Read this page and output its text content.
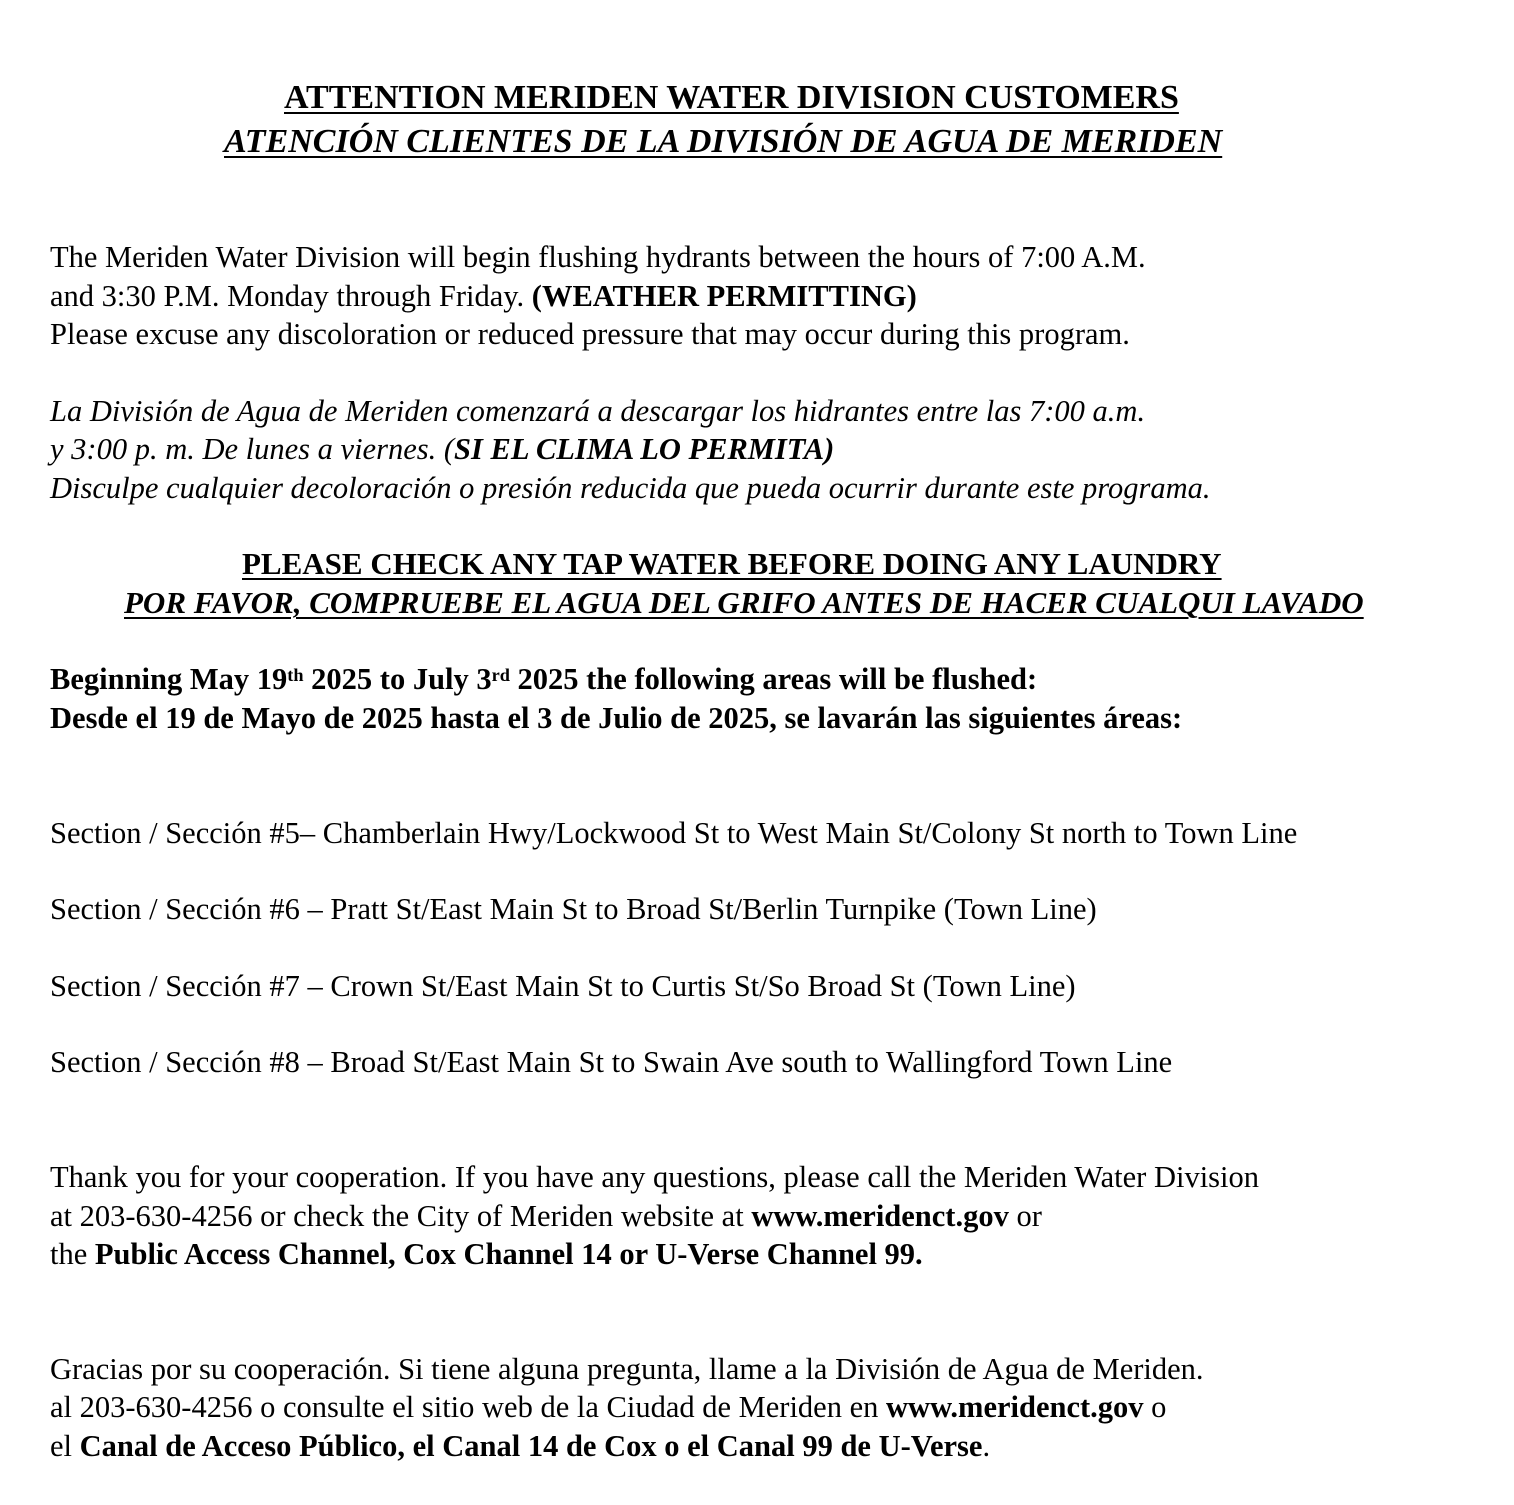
ATTENTION MERIDEN WATER DIVISION CUSTOMERS
ATENCIÓN CLIENTES DE LA DIVISIÓN DE AGUA DE MERIDEN
The Meriden Water Division will begin flushing hydrants between the hours of 7:00 A.M.
and 3:30 P.M. Monday through Friday. (WEATHER PERMITTING)
Please excuse any discoloration or reduced pressure that may occur during this program.
La División de Agua de Meriden comenzará a descargar los hidrantes entre las 7:00 a.m.
y 3:00 p. m. De lunes a viernes. (SI EL CLIMA LO PERMITA)
Disculpe cualquier decoloración o presión reducida que pueda ocurrir durante este programa.
PLEASE CHECK ANY TAP WATER BEFORE DOING ANY LAUNDRY
POR FAVOR, COMPRUEBE EL AGUA DEL GRIFO ANTES DE HACER CUALQUI LAVADO
Beginning May 19th 2025 to July 3rd 2025 the following areas will be flushed:
Desde el 19 de Mayo de 2025 hasta el 3 de Julio de 2025, se lavarán las siguientes áreas:
Section / Sección #5– Chamberlain Hwy/Lockwood St to West Main St/Colony St north to Town Line
Section / Sección #6 – Pratt St/East Main St to Broad St/Berlin Turnpike (Town Line)
Section / Sección #7 – Crown St/East Main St to Curtis St/So Broad St (Town Line)
Section / Sección #8 – Broad St/East Main St to Swain Ave south to Wallingford Town Line
Thank you for your cooperation. If you have any questions, please call the Meriden Water Division
at 203-630-4256 or check the City of Meriden website at www.meridenct.gov or
the Public Access Channel, Cox Channel 14 or U-Verse Channel 99.
Gracias por su cooperación. Si tiene alguna pregunta, llame a la División de Agua de Meriden.
al 203-630-4256 o consulte el sitio web de la Ciudad de Meriden en www.meridenct.gov o
el Canal de Acceso Público, el Canal 14 de Cox o el Canal 99 de U-Verse.
